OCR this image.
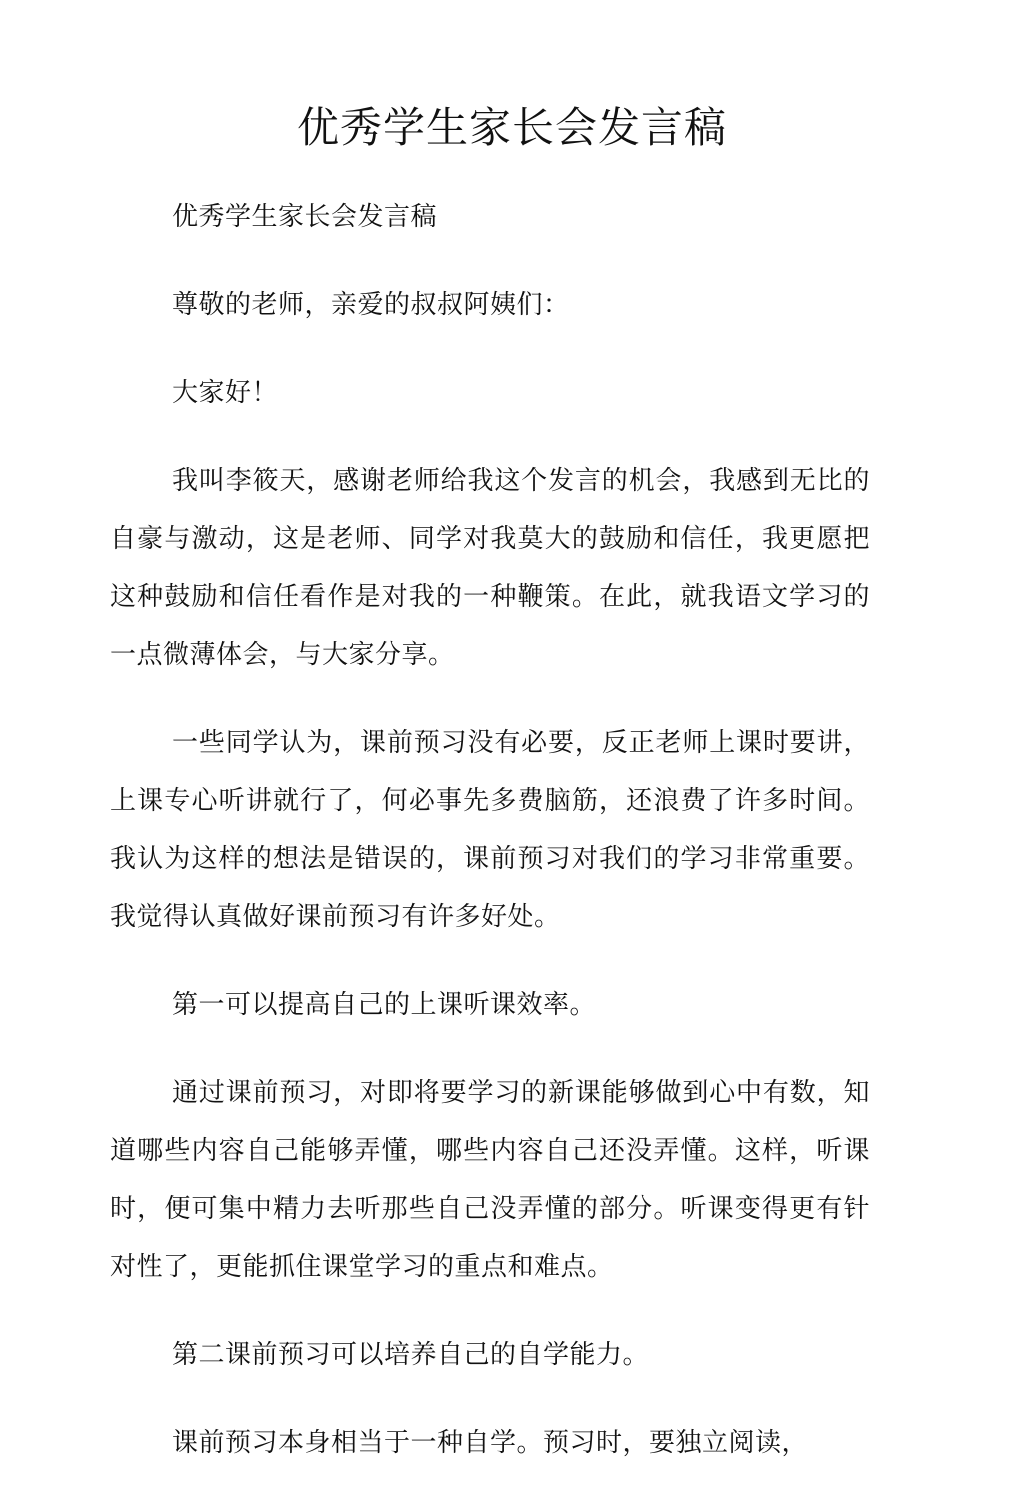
优秀学生家长会发言稿

优秀学生家长会发言稿

尊敬的老师，亲爱的叔叔阿姨们：

大家好！

我叫李筱天，感谢老师给我这个发言的机会，我感到无比的自豪与激动，这是老师、同学对我莫大的鼓励和信任，我更愿把这种鼓励和信任看作是对我的一种鞭策。在此，就我语文学习的一点微薄体会，与大家分享。

一些同学认为，课前预习没有必要，反正老师上课时要讲，上课专心听讲就行了，何必事先多费脑筋，还浪费了许多时间。我认为这样的想法是错误的，课前预习对我们的学习非常重要。我觉得认真做好课前预习有许多好处。

第一可以提高自己的上课听课效率。

通过课前预习，对即将要学习的新课能够做到心中有数，知道哪些内容自己能够弄懂，哪些内容自己还没弄懂。这样，听课时，便可集中精力去听那些自己没弄懂的部分。听课变得更有针对性了，更能抓住课堂学习的重点和难点。

第二课前预习可以培养自己的自学能力。

课前预习本身相当于一种自学。预习时，要独立阅读，
